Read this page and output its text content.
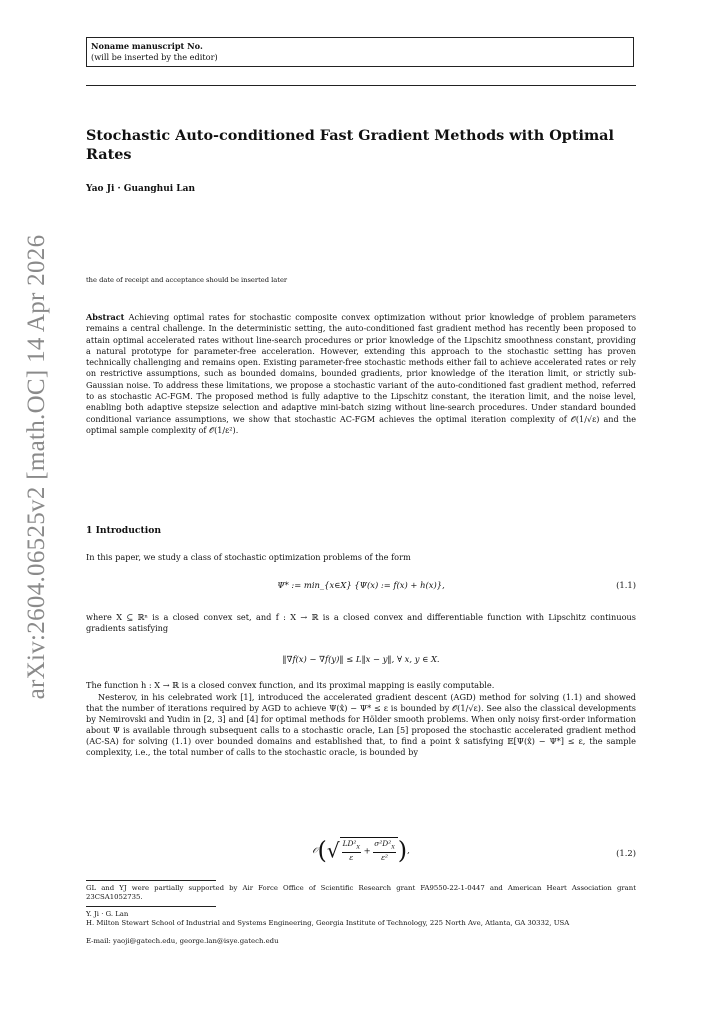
arXiv:2604.06525v2 [math.OC] 14 Apr 2026
Noname manuscript No.
(will be inserted by the editor)
Stochastic Auto-conditioned Fast Gradient Methods with Optimal Rates
Yao Ji · Guanghui Lan
the date of receipt and acceptance should be inserted later
Abstract Achieving optimal rates for stochastic composite convex optimization without prior knowledge of problem parameters remains a central challenge. In the deterministic setting, the auto-conditioned fast gradient method has recently been proposed to attain optimal accelerated rates without line-search procedures or prior knowledge of the Lipschitz smoothness constant, providing a natural prototype for parameter-free acceleration. However, extending this approach to the stochastic setting has proven technically challenging and remains open. Existing parameter-free stochastic methods either fail to achieve accelerated rates or rely on restrictive assumptions, such as bounded domains, bounded gradients, prior knowledge of the iteration limit, or strictly sub-Gaussian noise. To address these limitations, we propose a stochastic variant of the auto-conditioned fast gradient method, referred to as stochastic AC-FGM. The proposed method is fully adaptive to the Lipschitz constant, the iteration limit, and the noise level, enabling both adaptive stepsize selection and adaptive mini-batch sizing without line-search procedures. Under standard bounded conditional variance assumptions, we show that stochastic AC-FGM achieves the optimal iteration complexity of 𝒪(1/√ε) and the optimal sample complexity of 𝒪(1/ε²).
1 Introduction
In this paper, we study a class of stochastic optimization problems of the form
Ψ* := min_{x∈X} {Ψ(x) := f(x) + h(x)},	(1.1)
where X ⊆ ℝⁿ is a closed convex set, and f : X → ℝ is a closed convex and differentiable function with Lipschitz continuous gradients satisfying
‖∇f(x) − ∇f(y)‖ ≤ L‖x − y‖, ∀ x, y ∈ X.
The function h : X → ℝ is a closed convex function, and its proximal mapping is easily computable.
Nesterov, in his celebrated work [1], introduced the accelerated gradient descent (AGD) method for solving (1.1) and showed that the number of iterations required by AGD to achieve Ψ(x̂) − Ψ* ≤ ε is bounded by 𝒪(1/√ε). See also the classical developments by Nemirovski and Yudin in [2, 3] and [4] for optimal methods for Hölder smooth problems. When only noisy first-order information about Ψ is available through subsequent calls to a stochastic oracle, Lan [5] proposed the stochastic accelerated gradient method (AC-SA) for solving (1.1) over bounded domains and established that, to find a point x̂ satisfying 𝔼[Ψ(x̂) − Ψ*] ≤ ε, the sample complexity, i.e., the total number of calls to the stochastic oracle, is bounded by
𝒪(√ $\frac{LD^2_X}{\varepsilon} + \frac{\sigma^2D^2_X}{\text{ε²}}$ ),	(1.2)
GL and YJ were partially supported by Air Force Office of Scientific Research grant FA9550-22-1-0447 and American Heart Association grant 23CSA1052735.
Y. Ji · G. Lan
H. Milton Stewart School of Industrial and Systems Engineering, Georgia Institute of Technology, 225 North Ave, Atlanta, GA 30332, USA
E-mail: yaoji@gatech.edu, george.lan@isye.gatech.edu
